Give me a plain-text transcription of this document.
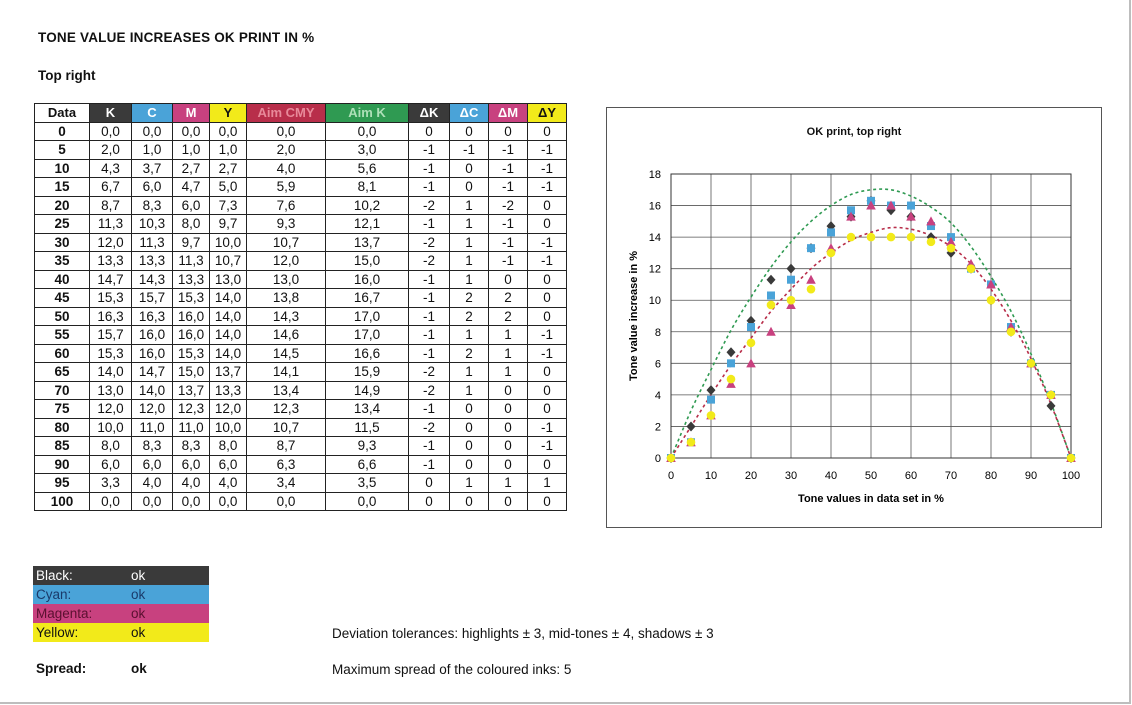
TONE VALUE INCREASES OK PRINT IN %
Top right
Data	K	C	M	Y	Aim CMY	Aim K	ΔK	ΔC	ΔM	ΔY
0	0,0	0,0	0,0	0,0	0,0	0,0	0	0	0	0
5	2,0	1,0	1,0	1,0	2,0	3,0	-1	-1	-1	-1
10	4,3	3,7	2,7	2,7	4,0	5,6	-1	0	-1	-1
15	6,7	6,0	4,7	5,0	5,9	8,1	-1	0	-1	-1
20	8,7	8,3	6,0	7,3	7,6	10,2	-2	1	-2	0
25	11,3	10,3	8,0	9,7	9,3	12,1	-1	1	-1	0
30	12,0	11,3	9,7	10,0	10,7	13,7	-2	1	-1	-1
35	13,3	13,3	11,3	10,7	12,0	15,0	-2	1	-1	-1
40	14,7	14,3	13,3	13,0	13,0	16,0	-1	1	0	0
45	15,3	15,7	15,3	14,0	13,8	16,7	-1	2	2	0
50	16,3	16,3	16,0	14,0	14,3	17,0	-1	2	2	0
55	15,7	16,0	16,0	14,0	14,6	17,0	-1	1	1	-1
60	15,3	16,0	15,3	14,0	14,5	16,6	-1	2	1	-1
65	14,0	14,7	15,0	13,7	14,1	15,9	-2	1	1	0
70	13,0	14,0	13,7	13,3	13,4	14,9	-2	1	0	0
75	12,0	12,0	12,3	12,0	12,3	13,4	-1	0	0	0
80	10,0	11,0	11,0	10,0	10,7	11,5	-2	0	0	-1
85	8,0	8,3	8,3	8,0	8,7	9,3	-1	0	0	-1
90	6,0	6,0	6,0	6,0	6,3	6,6	-1	0	0	0
95	3,3	4,0	4,0	4,0	3,4	3,5	0	1	1	1
100	0,0	0,0	0,0	0,0	0,0	0,0	0	0	0	0
OK print, top right
0	10	20	30	40	50	60	70	80	90 100
0
2
4
6
8
10
12
14
16
18
Tone values in data set in %
Tone value increase in %
Black:	ok
Cyan:	ok
Magenta:	ok
Yellow:	ok
Spread:	ok
Deviation tolerances: highlights ± 3, mid-tones ± 4, shadows ± 3
Maximum spread of the coloured inks: 5
